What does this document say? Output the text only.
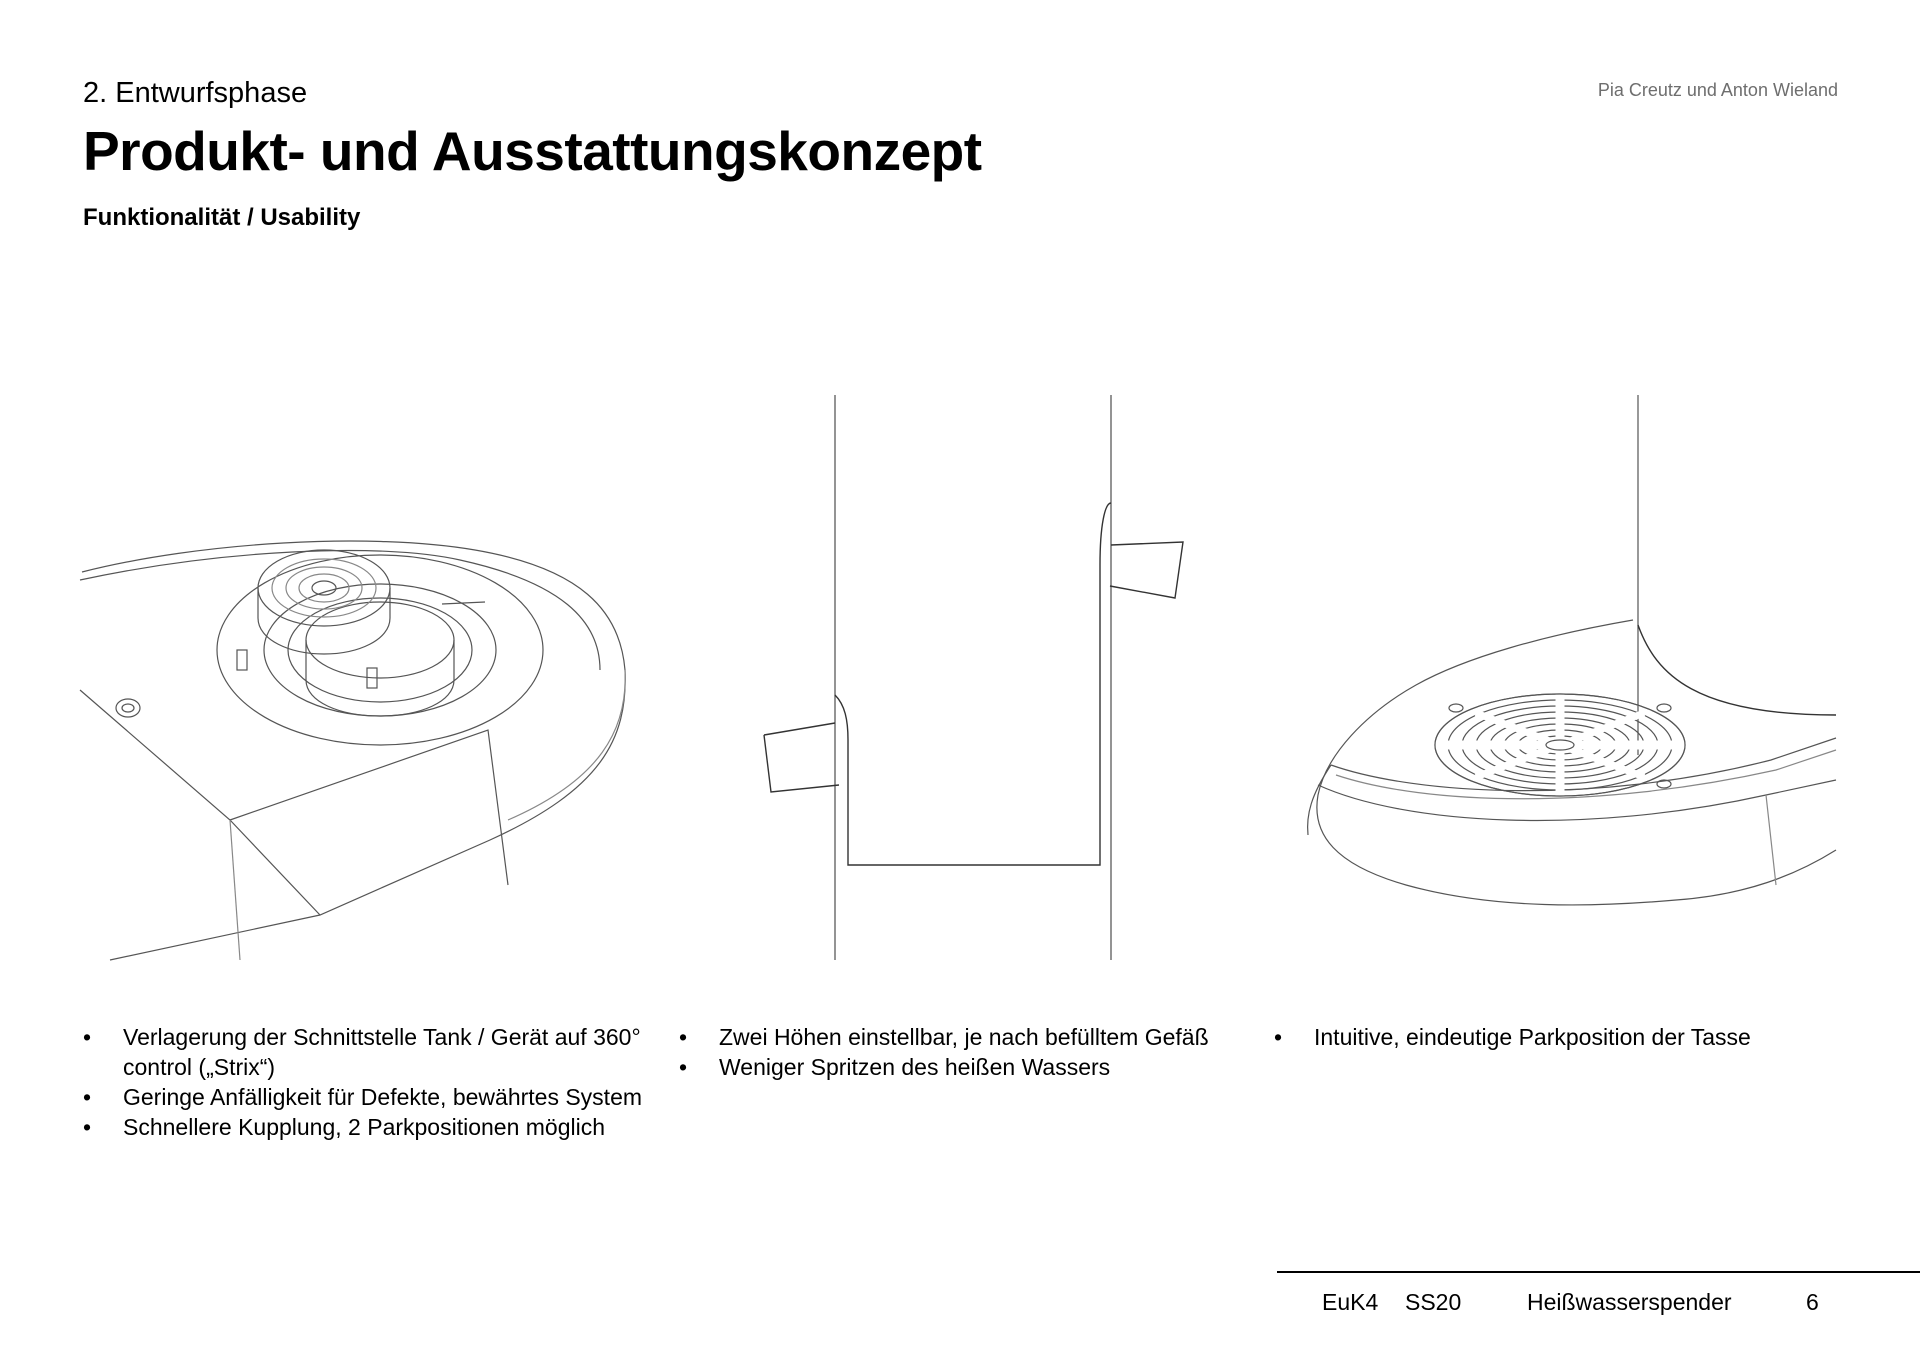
2. Entwurfsphase
Produkt- und Ausstattungskonzept
Funktionalität / Usability
Pia Creutz und Anton Wieland
• Verlagerung der Schnittstelle Tank / Gerät auf 360° control („Strix“)
• Geringe Anfälligkeit für Defekte, bewährtes System
• Schnellere Kupplung, 2 Parkpositionen möglich
• Zwei Höhen einstellbar, je nach befülltem Gefäß
• Weniger Spritzen des heißen Wassers
• Intuitive, eindeutige Parkposition der Tasse
EuK4 SS20	Heißwasserspender	6
